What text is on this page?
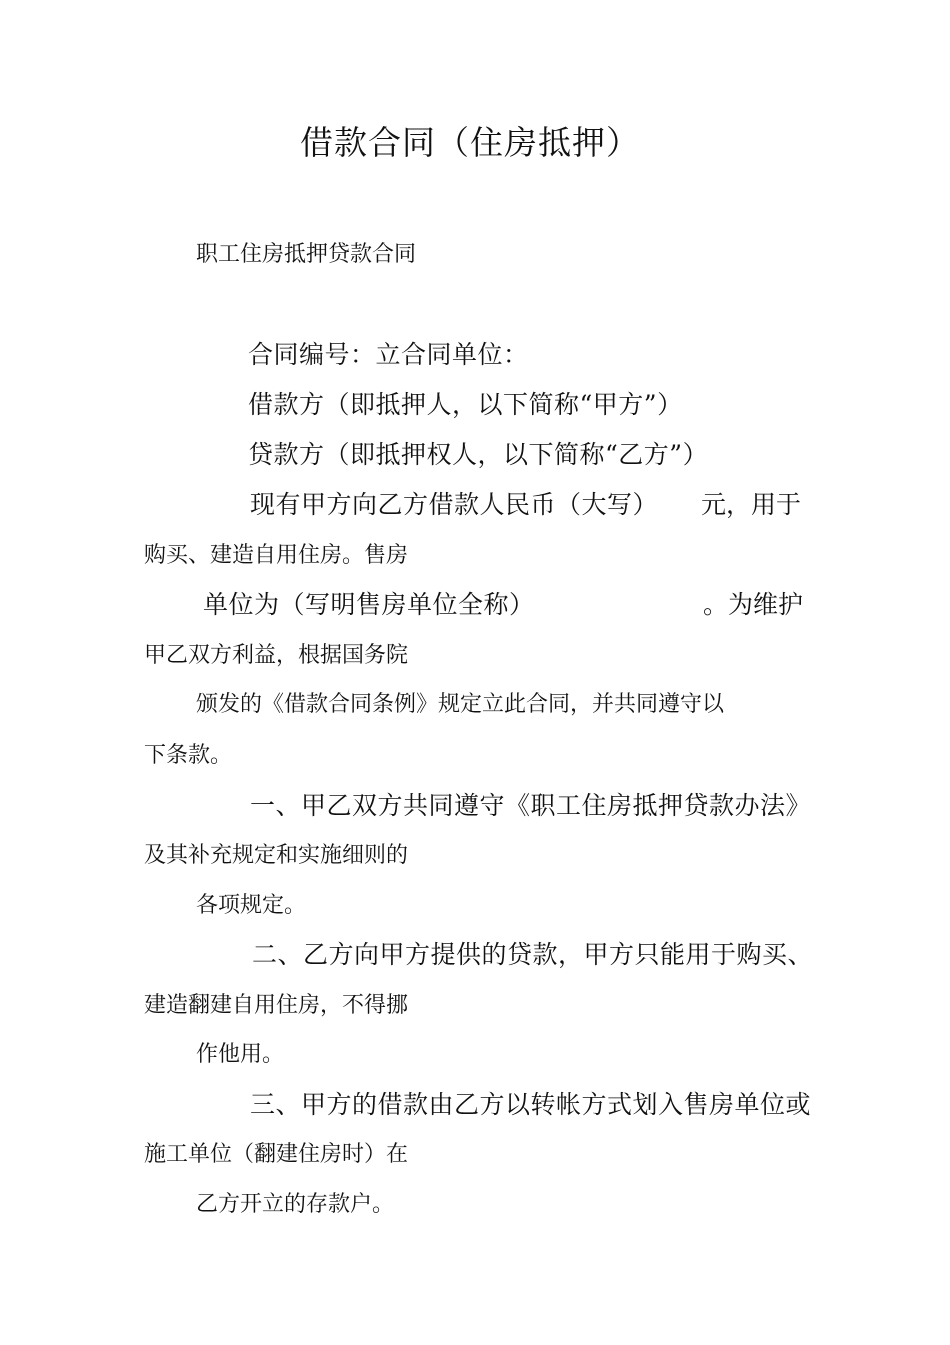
借款合同（住房抵押）
职工住房抵押贷款合同
合同编号：立合同单位：
借款方（即抵押人，以下简称“甲方”）
贷款方（即抵押权人，以下简称“乙方”）
现有甲方向乙方借款人民币（大写） 元，用于
购买、建造自用住房。售房
单位为（写明售房单位全称）	。为维护
甲乙双方利益，根据国务院
颁发的《借款合同条例》规定立此合同，并共同遵守以
下条款。
一、甲乙双方共同遵守《职工住房抵押贷款办法》
及其补充规定和实施细则的
各项规定。
二、乙方向甲方提供的贷款，甲方只能用于购买、
建造翻建自用住房，不得挪
作他用。
三、甲方的借款由乙方以转帐方式划入售房单位或
施工单位（翻建住房时）在
乙方开立的存款户。
